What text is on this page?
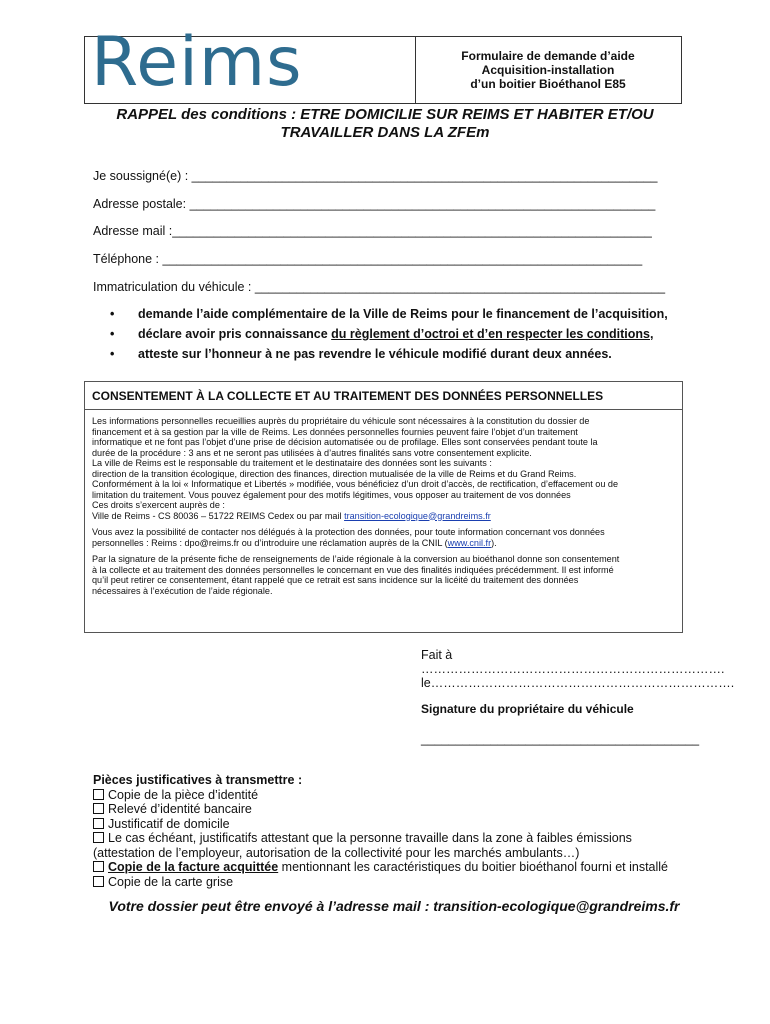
Reims	Formulaire de demande d’aide
Acquisition-installation
d’un boitier Bioéthanol E85
RAPPEL des conditions : ETRE DOMICILIE SUR REIMS ET HABITER ET/OU
TRAVAILLER DANS LA ZFEm
Je soussigné(e) : ___________________________________________________________________
Adresse postale: ___________________________________________________________________
Adresse mail :_____________________________________________________________________
Téléphone : _____________________________________________________________________
Immatriculation du véhicule : ___________________________________________________________
• demande l’aide complémentaire de la Ville de Reims pour le financement de l’acquisition,
• déclare avoir pris connaissance du règlement d’octroi et d’en respecter les conditions,
• atteste sur l’honneur à ne pas revendre le véhicule modifié durant deux années.
CONSENTEMENT À LA COLLECTE ET AU TRAITEMENT DES DONNÉES PERSONNELLES

Les informations personnelles recueillies auprès du propriétaire du véhicule sont nécessaires à la constitution du dossier de
financement et à sa gestion par la ville de Reims. Les données personnelles fournies peuvent faire l’objet d’un traitement
informatique et ne font pas l’objet d’une prise de décision automatisée ou de profilage. Elles sont conservées pendant toute la
durée de la procédure : 3 ans et ne seront pas utilisées à d’autres finalités sans votre consentement explicite.
La ville de Reims est le responsable du traitement et le destinataire des données sont les suivants :
direction de la transition écologique, direction des finances, direction mutualisée de la ville de Reims et du Grand Reims.
Conformément à la loi « Informatique et Libertés » modifiée, vous bénéficiez d’un droit d’accès, de rectification, d’effacement ou de
limitation du traitement. Vous pouvez également pour des motifs légitimes, vous opposer au traitement de vos données
Ces droits s’exercent auprès de :
Ville de Reims - CS 80036 – 51722 REIMS Cedex ou par mail transition-ecologique@grandreims.fr

Vous avez la possibilité de contacter nos délégués à la protection des données, pour toute information concernant vos données
personnelles : Reims : dpo@reims.fr ou d’introduire une réclamation auprès de la CNIL (www.cnil.fr).

Par la signature de la présente fiche de renseignements de l’aide régionale à la conversion au bioéthanol donne son consentement
à la collecte et au traitement des données personnelles le concernant en vue des finalités indiquées précédemment. Il est informé
qu’il peut retirer ce consentement, étant rappelé que ce retrait est sans incidence sur la licéité du traitement des données
nécessaires à l’exécution de l’aide régionale.

Fait à
……………………………………………………………….
le……………………………………………………………….
Signature du propriétaire du véhicule
________________________________________
Pièces justificatives à transmettre :
Copie de la pièce d’identité
Relevé d’identité bancaire
Justificatif de domicile
Le cas échéant, justificatifs attestant que la personne travaille dans la zone à faibles émissions
(attestation de l’employeur, autorisation de la collectivité pour les marchés ambulants…)
Copie de la facture acquittée mentionnant les caractéristiques du boitier bioéthanol fourni et installé
Copie de la carte grise
Votre dossier peut être envoyé à l’adresse mail : transition-ecologique@grandreims.fr
